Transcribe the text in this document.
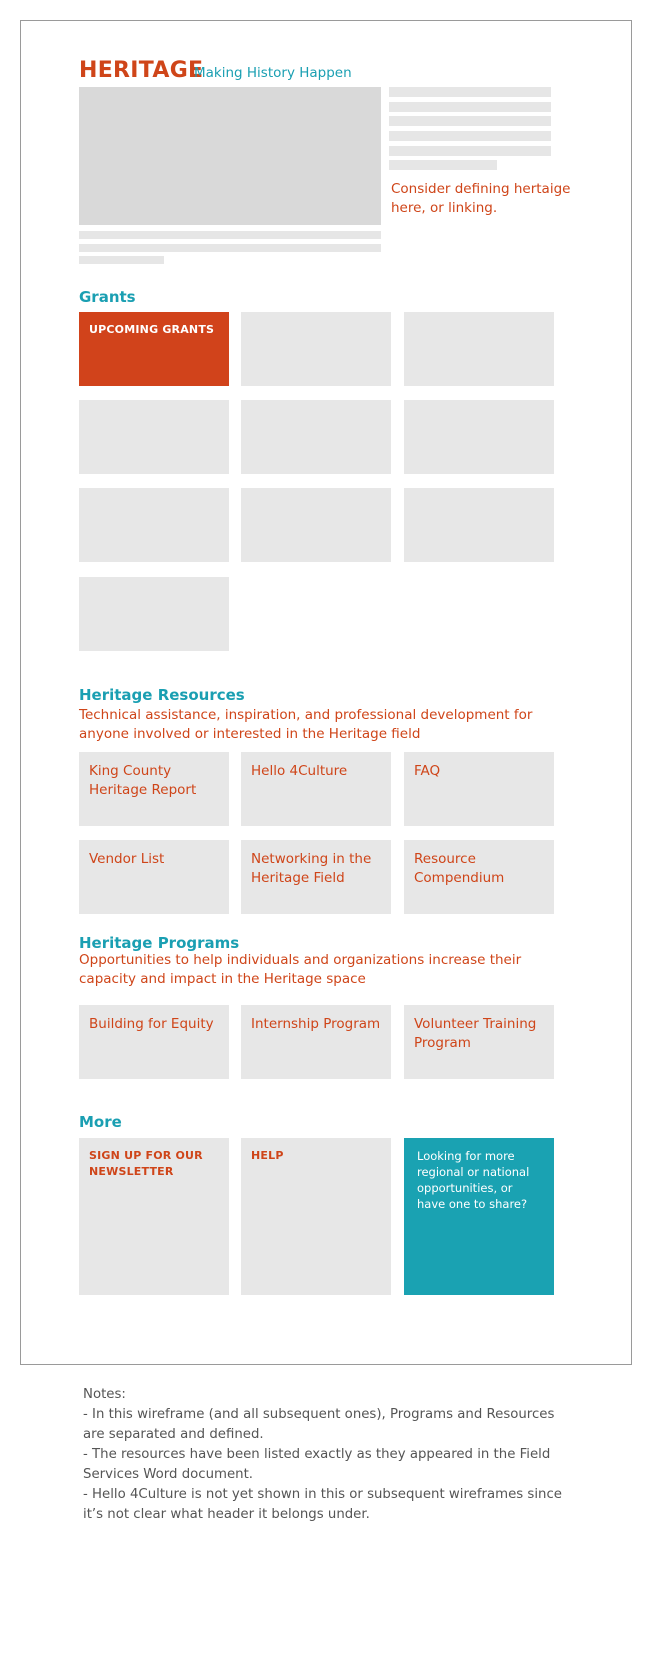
HERITAGE
Making History Happen
Consider defining hertaige here, or linking.
Grants
UPCOMING GRANTS
Heritage Resources
Technical assistance, inspiration, and professional development for anyone involved or interested in the Heritage field
King County Heritage Report
Hello 4Culture	FAQ
Vendor List	Networking in the Heritage Field
Resource Compendium
Heritage Programs
Opportunities to help individuals and organizations increase their capacity and impact in the Heritage space
Building for Equity	Internship Program	Volunteer Training Program
More
SIGN UP FOR OUR NEWSLETTER
HELP	Looking for more regional or national opportunities, or have one to share?
Notes:
- In this wireframe (and all subsequent ones), Programs and Resources are separated and defined.
- The resources have been listed exactly as they appeared in the Field Services Word document.
- Hello 4Culture is not yet shown in this or subsequent wireframes since it’s not clear what header it belongs under.
